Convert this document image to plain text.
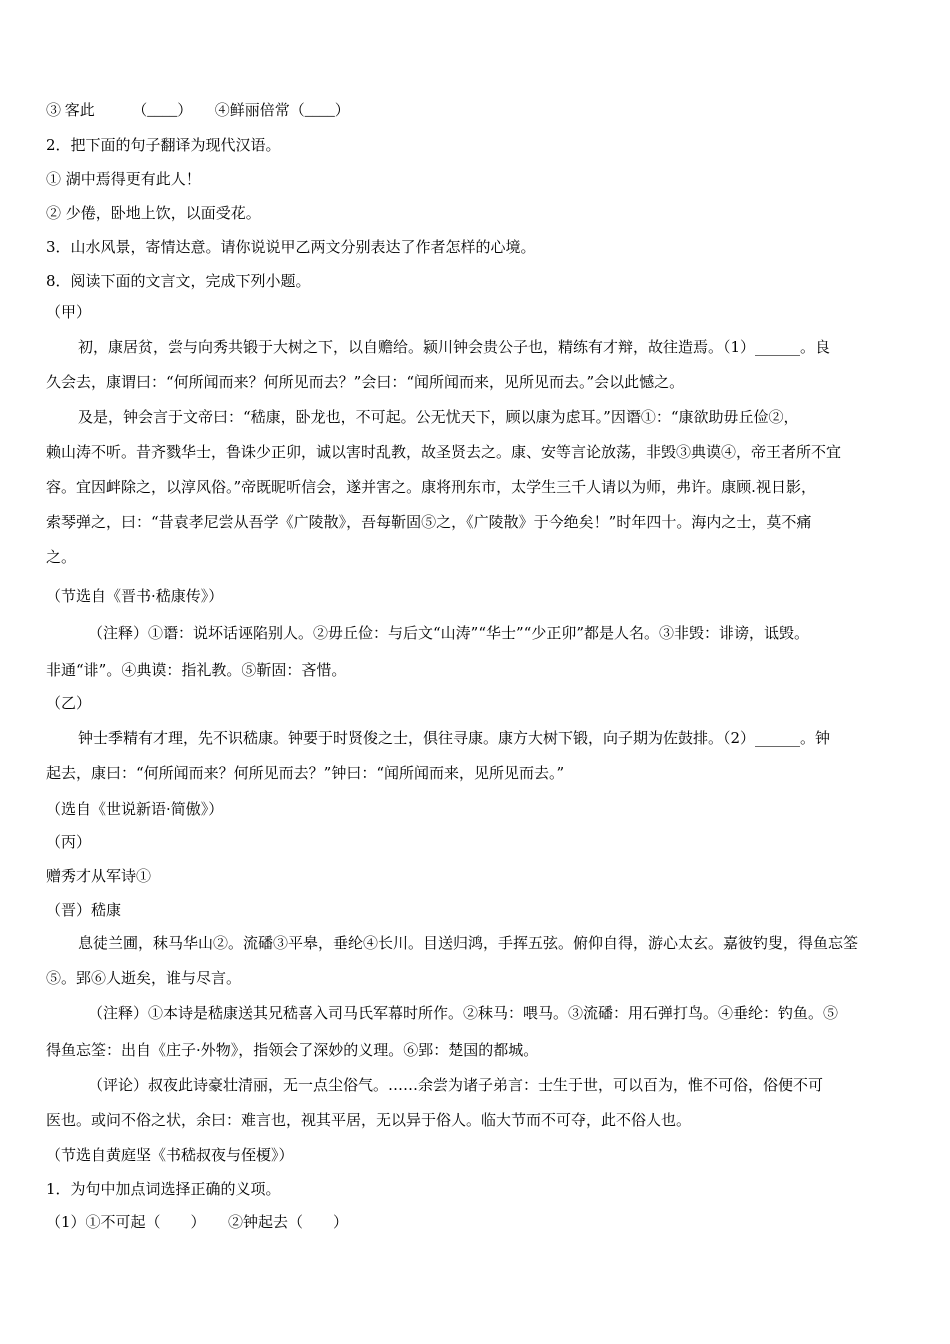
③ 客此　　　（____）　　④鲜丽倍常（____）
2．把下面的句子翻译为现代汉语。
① 湖中焉得更有此人！
② 少倦，卧地上饮，以面受花。
3．山水风景，寄情达意。请你说说甲乙两文分别表达了作者怎样的心境。
8．阅读下面的文言文，完成下列小题。
（甲）
初，康居贫，尝与向秀共锻于大树之下，以自赡给。颍川钟会贵公子也，精练有才辩，故往造焉。（1）______。良
久会去，康谓曰：“何所闻而来？何所见而去？”会曰：“闻所闻而来，见所见而去。”会以此憾之。
及是，钟会言于文帝曰：“嵇康，卧龙也，不可起。公无忧天下，顾以康为虑耳。”因谮①：“康欲助毋丘俭②，
赖山涛不听。昔齐戮华士，鲁诛少正卯，诚以害时乱教，故圣贤去之。康、安等言论放荡，非毁③典谟④，帝王者所不宜
容。宜因衅除之，以淳风俗。”帝既昵听信会，遂并害之。康将刑东市，太学生三千人请以为师，弗许。康顾.视日影，
索琴弹之，曰：“昔袁孝尼尝从吾学《广陵散》，吾每靳固⑤之，《广陵散》于今绝矣！”时年四十。海内之士，莫不痛
之。
（节选自《晋书·嵇康传》）
（注释）①谮：说坏话诬陷别人。②毋丘俭：与后文“山涛”“华士”“少正卯”都是人名。③非毁：诽谤，诋毁。
非通“诽”。④典谟：指礼教。⑤靳固：吝惜。
（乙）
钟士季精有才理，先不识嵇康。钟要于时贤俊之士，俱往寻康。康方大树下锻，向子期为佐鼓排。（2）______。钟
起去，康曰：“何所闻而来？何所见而去？”钟曰：“闻所闻而来，见所见而去。”
（选自《世说新语·简傲》）
（丙）
赠秀才从军诗①
（晋）嵇康
息徒兰圃，秣马华山②。流磻③平皋，垂纶④长川。目送归鸿，手挥五弦。俯仰自得，游心太玄。嘉彼钓叟，得鱼忘筌
⑤。郢⑥人逝矣，谁与尽言。
（注释）①本诗是嵇康送其兄嵇喜入司马氏军幕时所作。②秣马：喂马。③流磻：用石弹打鸟。④垂纶：钓鱼。⑤
得鱼忘筌：出自《庄子·外物》，指领会了深妙的义理。⑥郢：楚国的都城。
（评论）叔夜此诗豪壮清丽，无一点尘俗气。……余尝为诸子弟言：士生于世，可以百为，惟不可俗，俗便不可
医也。或问不俗之状，余曰：难言也，视其平居，无以异于俗人。临大节而不可夺，此不俗人也。
（节选自黄庭坚《书嵇叔夜与侄榎》）
1．为句中加点词选择正确的义项。
（1）①不可起（　　）　　②钟起去（　　）
